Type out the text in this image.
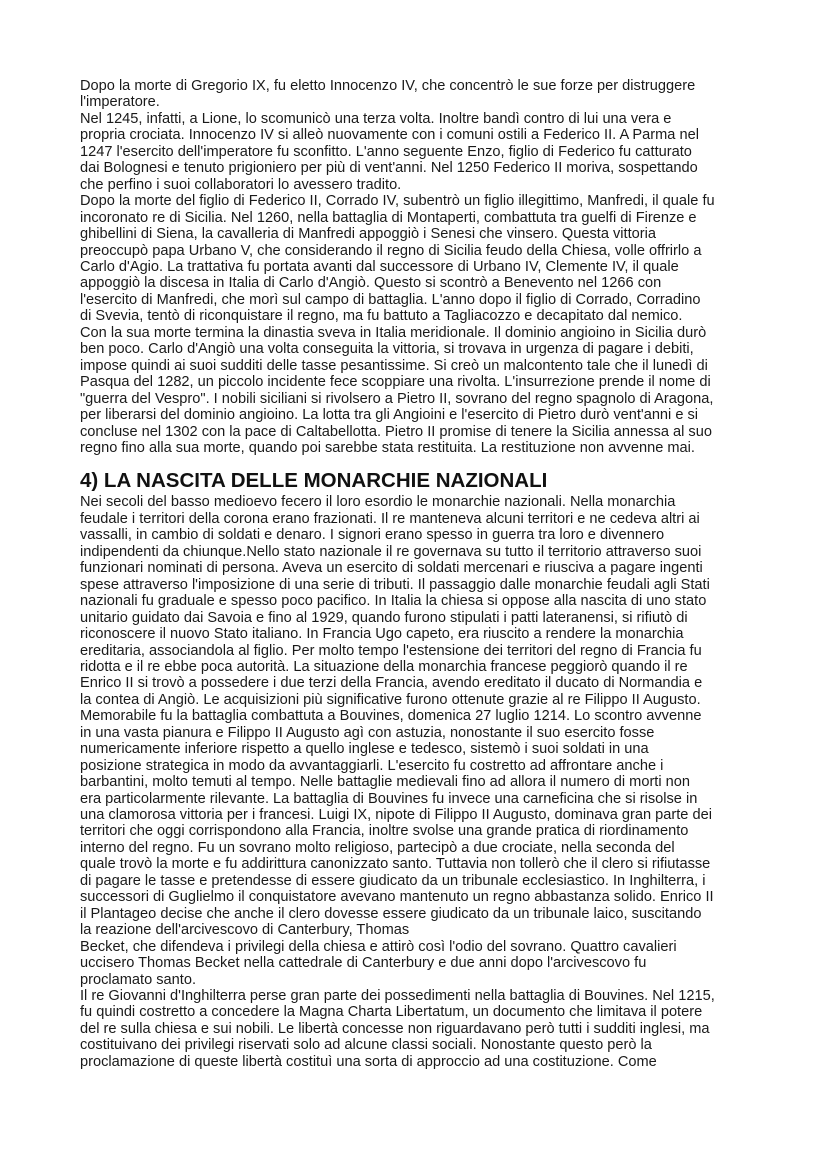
Dopo la morte di Gregorio IX, fu eletto Innocenzo IV, che concentrò le sue forze per distruggere
l'imperatore.
Nel 1245, infatti, a Lione, lo scomunicò una terza volta. Inoltre bandì contro di lui una vera e
propria crociata. Innocenzo IV si alleò nuovamente con i comuni ostili a Federico II. A Parma nel
1247 l'esercito dell'imperatore fu sconfitto. L'anno seguente Enzo, figlio di Federico fu catturato
dai Bolognesi e tenuto prigioniero per più di vent'anni. Nel 1250 Federico II moriva, sospettando
che perfino i suoi collaboratori lo avessero tradito.
Dopo la morte del figlio di Federico II, Corrado IV, subentrò un figlio illegittimo, Manfredi, il quale fu
incoronato re di Sicilia. Nel 1260, nella battaglia di Montaperti, combattuta tra guelfi di Firenze e
ghibellini di Siena, la cavalleria di Manfredi appoggiò i Senesi che vinsero. Questa vittoria
preoccupò papa Urbano V, che considerando il regno di Sicilia feudo della Chiesa, volle offrirlo a
Carlo d'Agio. La trattativa fu portata avanti dal successore di Urbano IV, Clemente IV, il quale
appoggiò la discesa in Italia di Carlo d'Angiò. Questo si scontrò a Benevento nel 1266 con
l'esercito di Manfredi, che morì sul campo di battaglia. L'anno dopo il figlio di Corrado, Corradino
di Svevia, tentò di riconquistare il regno, ma fu battuto a Tagliacozzo e decapitato dal nemico.
Con la sua morte termina la dinastia sveva in Italia meridionale. Il dominio angioino in Sicilia durò
ben poco. Carlo d'Angiò una volta conseguita la vittoria, si trovava in urgenza di pagare i debiti,
impose quindi ai suoi sudditi delle tasse pesantissime. Si creò un malcontento tale che il lunedì di
Pasqua del 1282, un piccolo incidente fece scoppiare una rivolta. L'insurrezione prende il nome di
"guerra del Vespro". I nobili siciliani si rivolsero a Pietro II, sovrano del regno spagnolo di Aragona,
per liberarsi del dominio angioino. La lotta tra gli Angioini e l'esercito di Pietro durò vent'anni e si
concluse nel 1302 con la pace di Caltabellotta. Pietro II promise di tenere la Sicilia annessa al suo
regno fino alla sua morte, quando poi sarebbe stata restituita. La restituzione non avvenne mai.
4) LA NASCITA DELLE MONARCHIE NAZIONALI
Nei secoli del basso medioevo fecero il loro esordio le monarchie nazionali. Nella monarchia
feudale i territori della corona erano frazionati. Il re manteneva alcuni territori e ne cedeva altri ai
vassalli, in cambio di soldati e denaro. I signori erano spesso in guerra tra loro e divennero
indipendenti da chiunque.Nello stato nazionale il re governava su tutto il territorio attraverso suoi
funzionari nominati di persona. Aveva un esercito di soldati mercenari e riusciva a pagare ingenti
spese attraverso l'imposizione di una serie di tributi. Il passaggio dalle monarchie feudali agli Stati
nazionali fu graduale e spesso poco pacifico. In Italia la chiesa si oppose alla nascita di uno stato
unitario guidato dai Savoia e fino al 1929, quando furono stipulati i patti lateranensi, si rifiutò di
riconoscere il nuovo Stato italiano. In Francia Ugo capeto, era riuscito a rendere la monarchia
ereditaria, associandola al figlio. Per molto tempo l'estensione dei territori del regno di Francia fu
ridotta e il re ebbe poca autorità. La situazione della monarchia francese peggiorò quando il re
Enrico II si trovò a possedere i due terzi della Francia, avendo ereditato il ducato di Normandia e
la contea di Angiò. Le acquisizioni più significative furono ottenute grazie al re Filippo II Augusto.
Memorabile fu la battaglia combattuta a Bouvines, domenica 27 luglio 1214. Lo scontro avvenne
in una vasta pianura e Filippo II Augusto agì con astuzia, nonostante il suo esercito fosse
numericamente inferiore rispetto a quello inglese e tedesco, sistemò i suoi soldati in una
posizione strategica in modo da avvantaggiarli. L'esercito fu costretto ad affrontare anche i
barbantini, molto temuti al tempo. Nelle battaglie medievali fino ad allora il numero di morti non
era particolarmente rilevante. La battaglia di Bouvines fu invece una carneficina che si risolse in
una clamorosa vittoria per i francesi. Luigi IX, nipote di Filippo II Augusto, dominava gran parte dei
territori che oggi corrispondono alla Francia, inoltre svolse una grande pratica di riordinamento
interno del regno. Fu un sovrano molto religioso, partecipò a due crociate, nella seconda del
quale trovò la morte e fu addirittura canonizzato santo. Tuttavia non tollerò che il clero si rifiutasse
di pagare le tasse e pretendesse di essere giudicato da un tribunale ecclesiastico. In Inghilterra, i
successori di Guglielmo il conquistatore avevano mantenuto un regno abbastanza solido. Enrico II
il Plantageo decise che anche il clero dovesse essere giudicato da un tribunale laico, suscitando
la reazione dell'arcivescovo di Canterbury, Thomas
Becket, che difendeva i privilegi della chiesa e attirò così l'odio del sovrano. Quattro cavalieri
uccisero Thomas Becket nella cattedrale di Canterbury e due anni dopo l'arcivescovo fu
proclamato santo.
Il re Giovanni d'Inghilterra perse gran parte dei possedimenti nella battaglia di Bouvines. Nel 1215,
fu quindi costretto a concedere la Magna Charta Libertatum, un documento che limitava il potere
del re sulla chiesa e sui nobili. Le libertà concesse non riguardavano però tutti i sudditi inglesi, ma
costituivano dei privilegi riservati solo ad alcune classi sociali. Nonostante questo però la
proclamazione di queste libertà costituì una sorta di approccio ad una costituzione. Come
